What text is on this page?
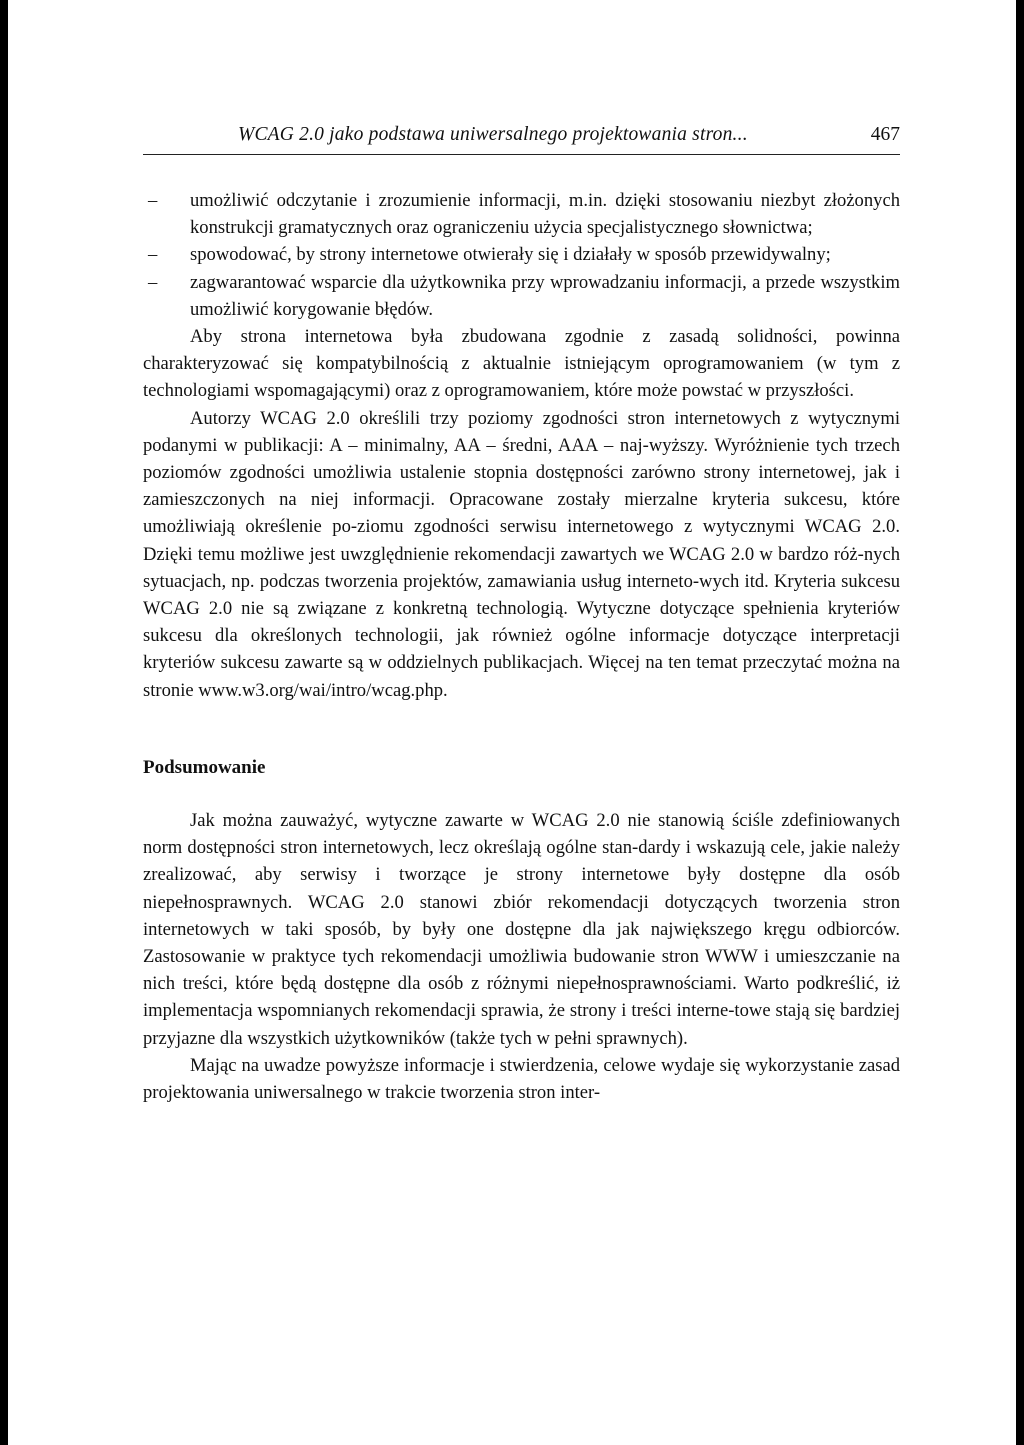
WCAG 2.0 jako podstawa uniwersalnego projektowania stron...	467

– umożliwić odczytanie i zrozumienie informacji, m.in. dzięki stosowaniu niezbyt złożonych konstrukcji gramatycznych oraz ograniczeniu użycia specjalistycznego słownictwa;

– spowodować, by strony internetowe otwierały się i działały w sposób przewidywalny;

– zagwarantować wsparcie dla użytkownika przy wprowadzaniu informacji, a przede wszystkim umożliwić korygowanie błędów.

Aby strona internetowa była zbudowana zgodnie z zasadą solidności, powinna charakteryzować się kompatybilnością z aktualnie istniejącym oprogramowaniem (w tym z technologiami wspomagającymi) oraz z oprogramowaniem, które może powstać w przyszłości.

Autorzy WCAG 2.0 określili trzy poziomy zgodności stron internetowych z wytycznymi podanymi w publikacji: A – minimalny, AA – średni, AAA – naj-wyższy. Wyróżnienie tych trzech poziomów zgodności umożliwia ustalenie stopnia dostępności zarówno strony internetowej, jak i zamieszczonych na niej informacji. Opracowane zostały mierzalne kryteria sukcesu, które umożliwiają określenie po-ziomu zgodności serwisu internetowego z wytycznymi WCAG 2.0. Dzięki temu możliwe jest uwzględnienie rekomendacji zawartych we WCAG 2.0 w bardzo róż-nych sytuacjach, np. podczas tworzenia projektów, zamawiania usług interneto-wych itd. Kryteria sukcesu WCAG 2.0 nie są związane z konkretną technologią. Wytyczne dotyczące spełnienia kryteriów sukcesu dla określonych technologii, jak również ogólne informacje dotyczące interpretacji kryteriów sukcesu zawarte są w oddzielnych publikacjach. Więcej na ten temat przeczytać można na stronie www.w3.org/wai/intro/wcag.php.

Podsumowanie

Jak można zauważyć, wytyczne zawarte w WCAG 2.0 nie stanowią ściśle zdefiniowanych norm dostępności stron internetowych, lecz określają ogólne stan-dardy i wskazują cele, jakie należy zrealizować, aby serwisy i tworzące je strony internetowe były dostępne dla osób niepełnosprawnych. WCAG 2.0 stanowi zbiór rekomendacji dotyczących tworzenia stron internetowych w taki sposób, by były one dostępne dla jak największego kręgu odbiorców. Zastosowanie w praktyce tych rekomendacji umożliwia budowanie stron WWW i umieszczanie na nich treści, które będą dostępne dla osób z różnymi niepełnosprawnościami. Warto podkreślić, iż implementacja wspomnianych rekomendacji sprawia, że strony i treści interne-towe stają się bardziej przyjazne dla wszystkich użytkowników (także tych w pełni sprawnych).

Mając na uwadze powyższe informacje i stwierdzenia, celowe wydaje się wykorzystanie zasad projektowania uniwersalnego w trakcie tworzenia stron inter-
